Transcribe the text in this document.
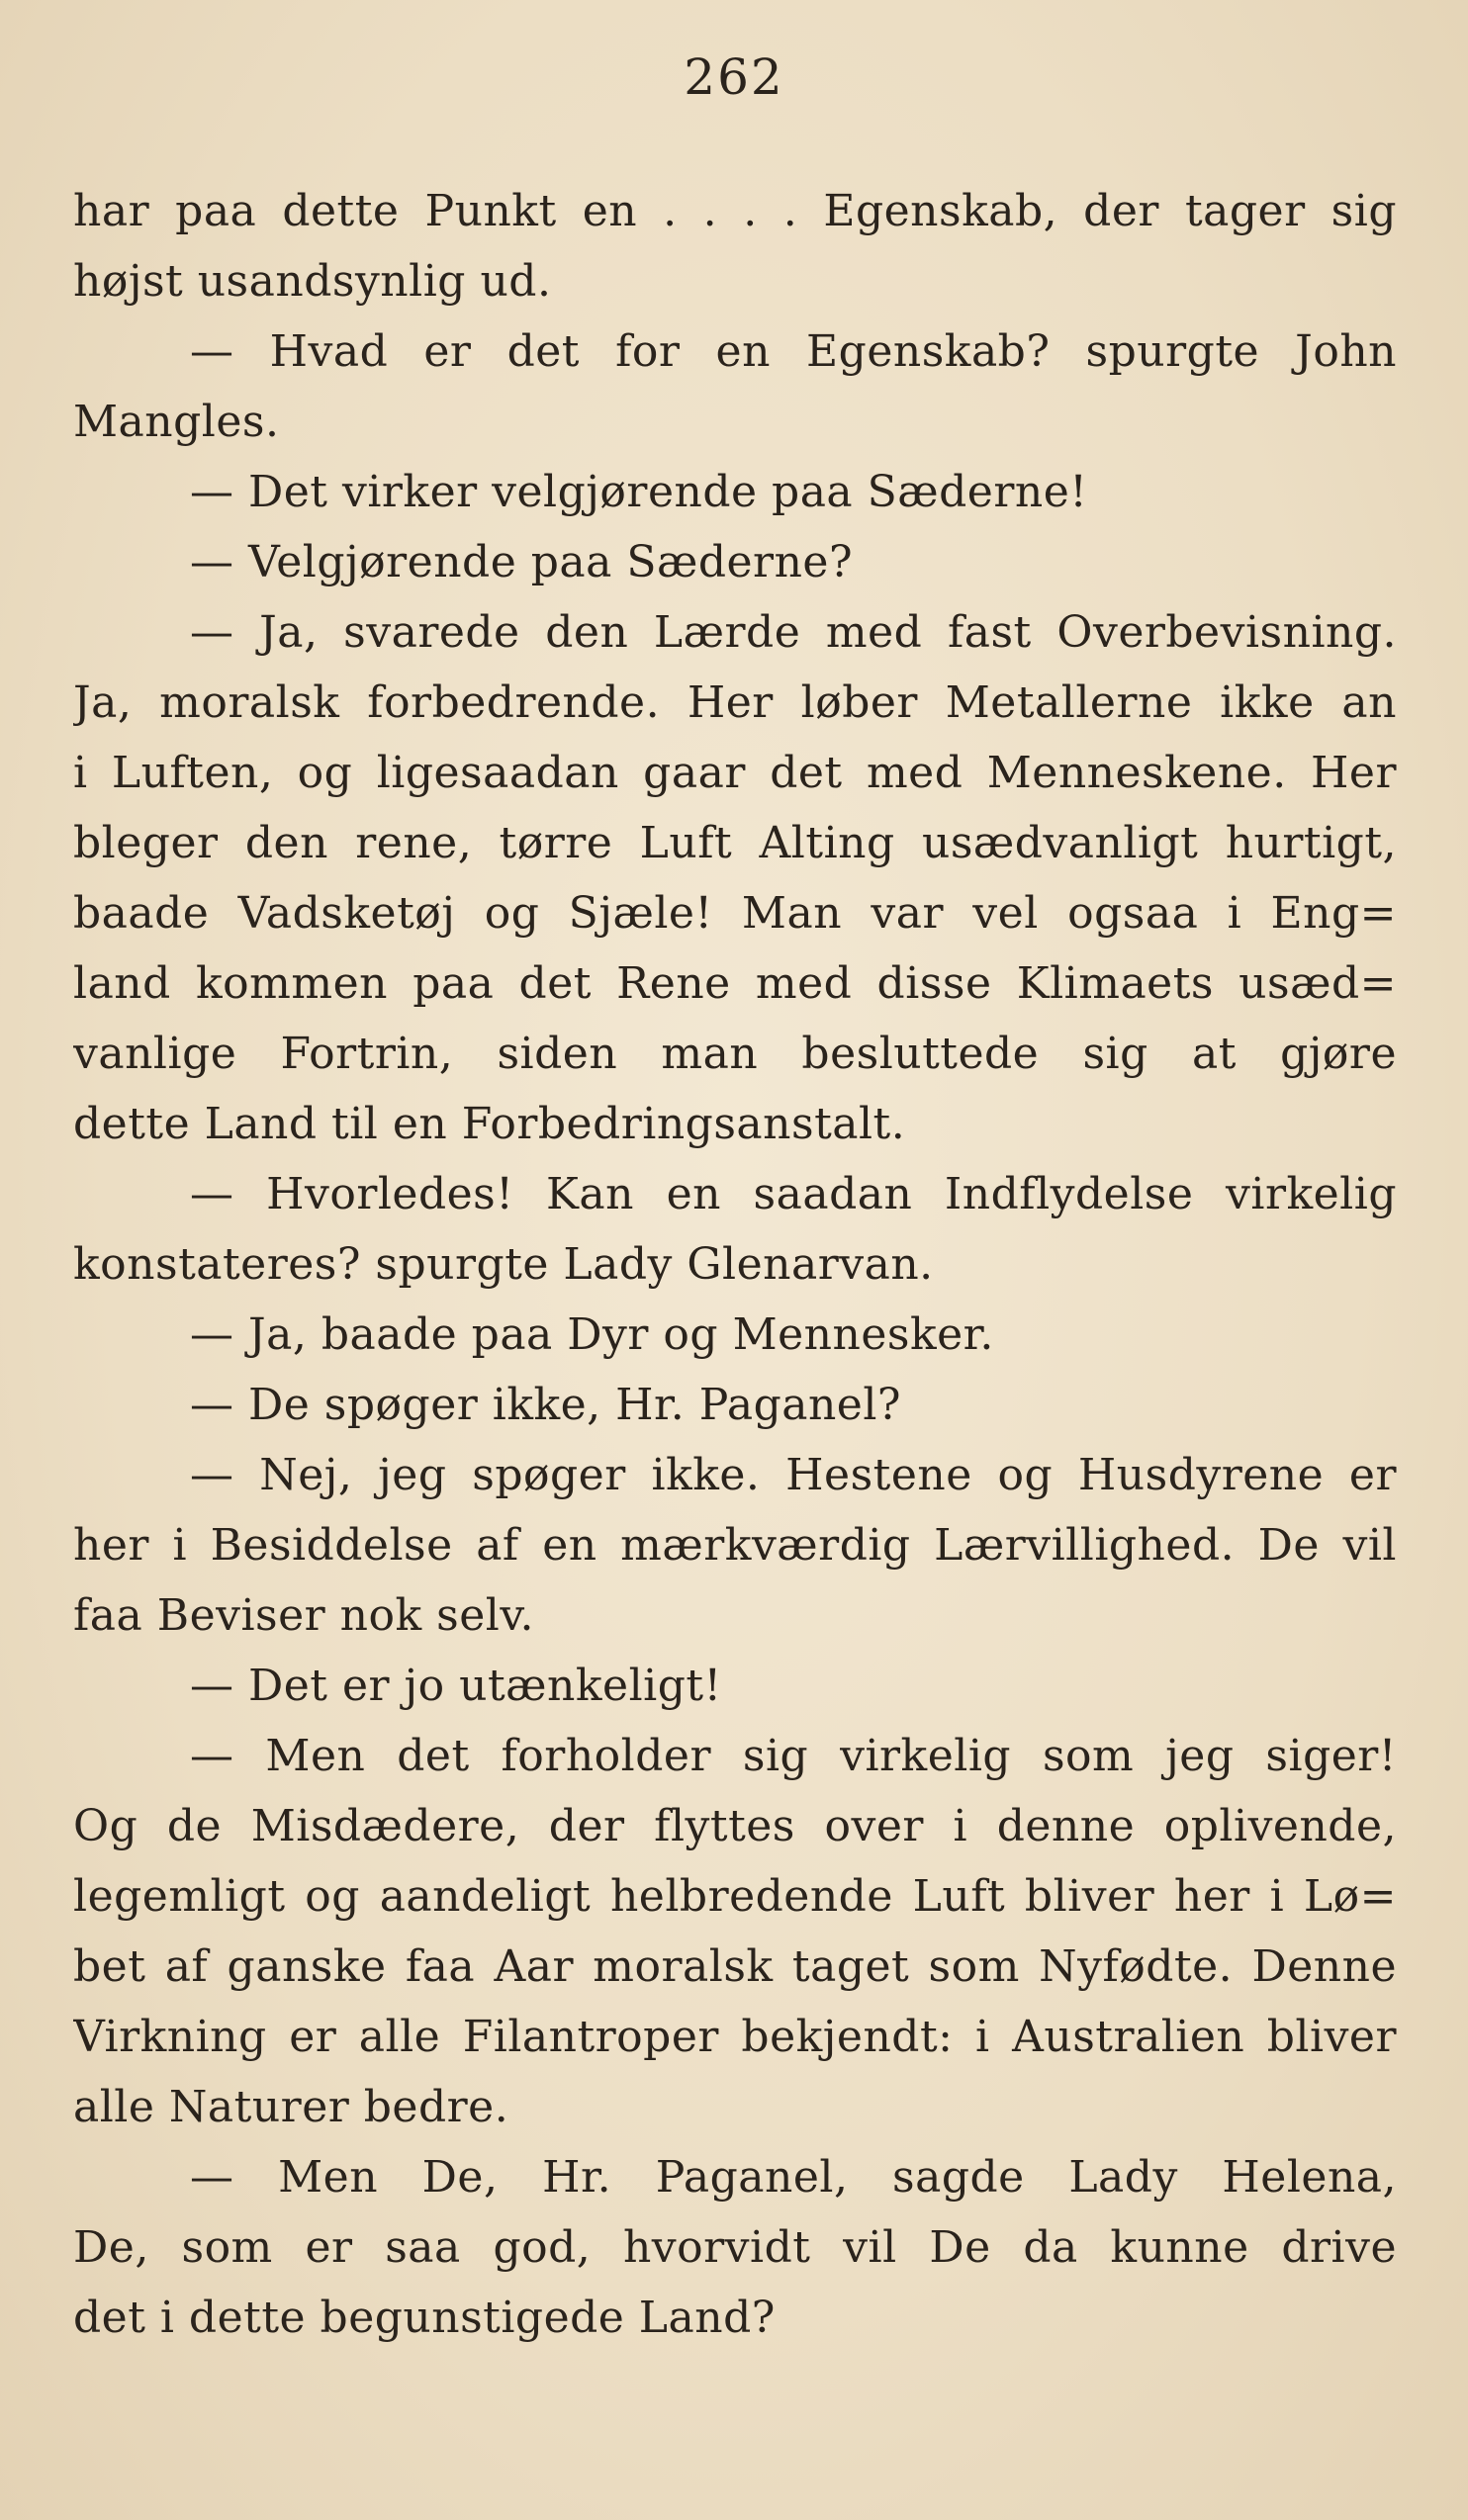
262
har paa dette Punkt en . . . . Egenskab, der tager sig
højst usandsynlig ud.
— Hvad er det for en Egenskab? spurgte John
Mangles.
— Det virker velgjørende paa Sæderne!
— Velgjørende paa Sæderne?
— Ja, svarede den Lærde med fast Overbevisning.
Ja, moralsk forbedrende. Her løber Metallerne ikke an
i Luften, og ligesaadan gaar det med Menneskene. Her
bleger den rene, tørre Luft Alting usædvanligt hurtigt,
baade Vadsketøj og Sjæle! Man var vel ogsaa i Eng=
land kommen paa det Rene med disse Klimaets usæd=
vanlige Fortrin, siden man besluttede sig at gjøre
dette Land til en Forbedringsanstalt.
— Hvorledes! Kan en saadan Indflydelse virkelig
konstateres? spurgte Lady Glenarvan.
— Ja, baade paa Dyr og Mennesker.
— De spøger ikke, Hr. Paganel?
— Nej, jeg spøger ikke. Hestene og Husdyrene er
her i Besiddelse af en mærkværdig Lærvillighed. De vil
faa Beviser nok selv.
— Det er jo utænkeligt!
— Men det forholder sig virkelig som jeg siger!
Og de Misdædere, der flyttes over i denne oplivende,
legemligt og aandeligt helbredende Luft bliver her i Lø=
bet af ganske faa Aar moralsk taget som Nyfødte. Denne
Virkning er alle Filantroper bekjendt: i Australien bliver
alle Naturer bedre.
— Men De, Hr. Paganel, sagde Lady Helena,
De, som er saa god, hvorvidt vil De da kunne drive
det i dette begunstigede Land?
